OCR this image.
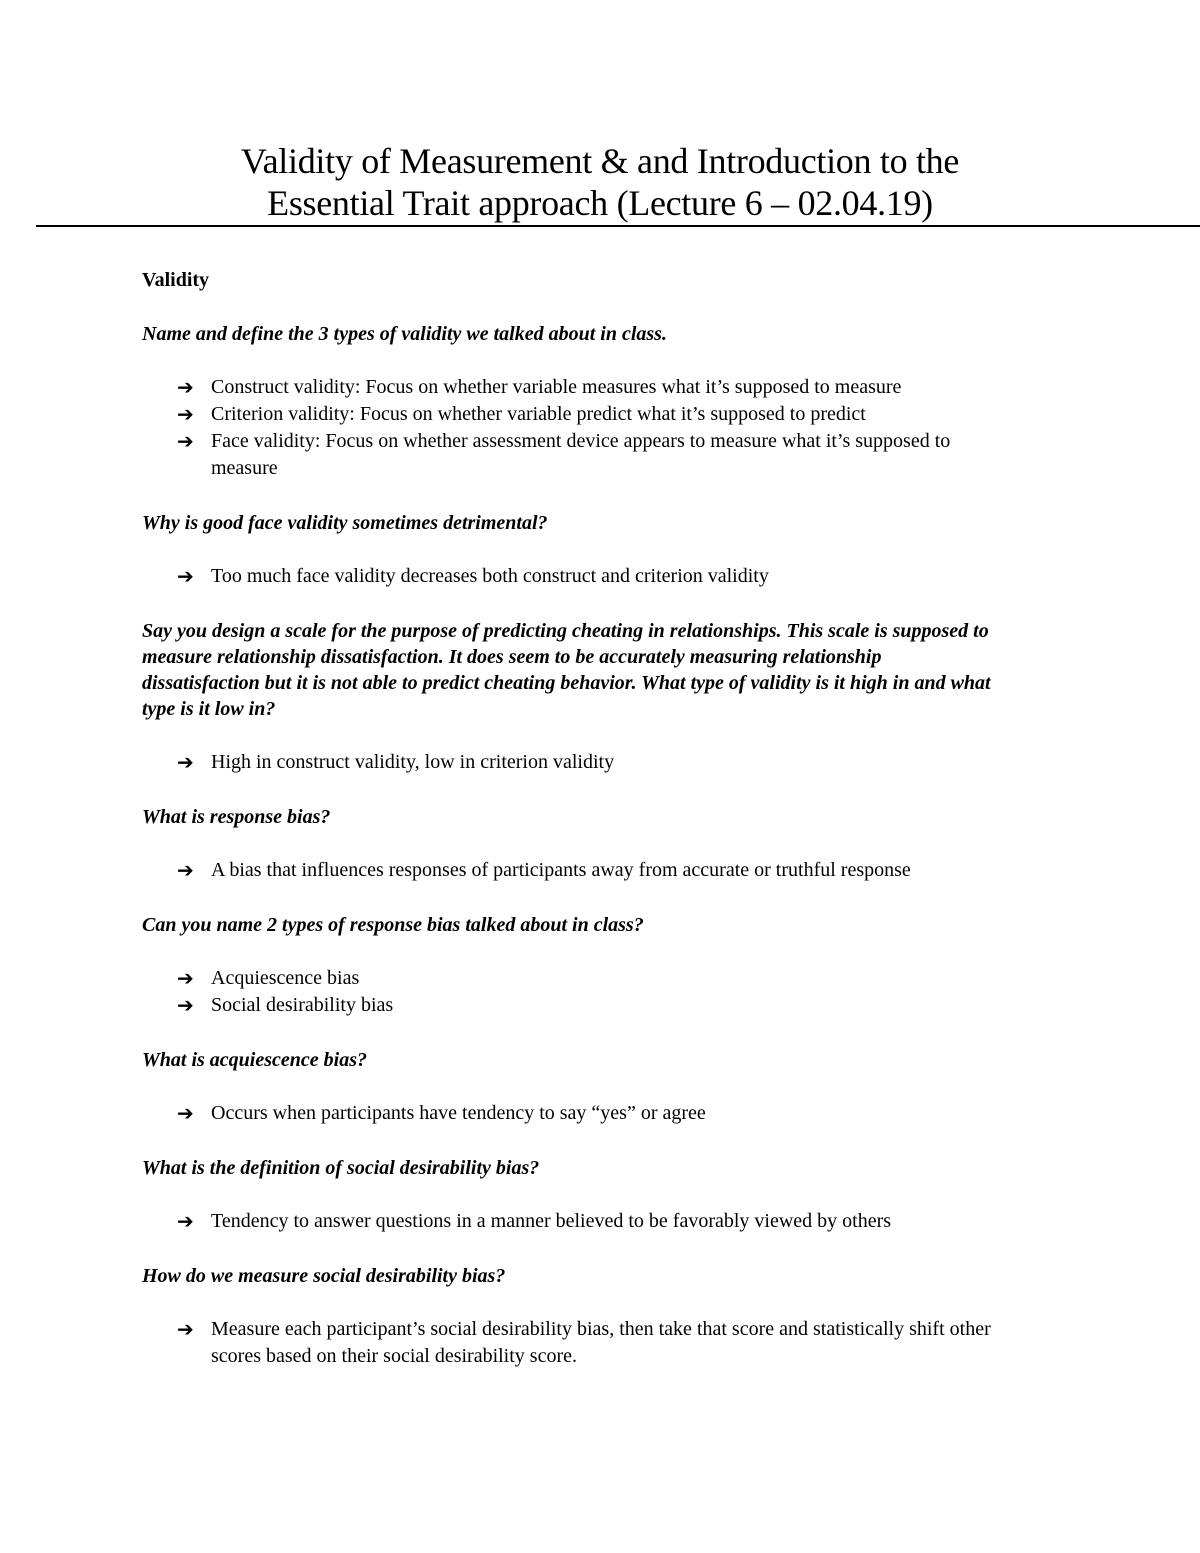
Validity of Measurement & and Introduction to the
Essential Trait approach (Lecture 6 – 02.04.19)
Validity

Name and define the 3 types of validity we talked about in class.

➔ Construct validity: Focus on whether variable measures what it’s supposed to measure
➔ Criterion validity: Focus on whether variable predict what it’s supposed to predict
➔ Face validity: Focus on whether assessment device appears to measure what it’s supposed to measure

Why is good face validity sometimes detrimental?

➔ Too much face validity decreases both construct and criterion validity

Say you design a scale for the purpose of predicting cheating in relationships. This scale is supposed to measure relationship dissatisfaction. It does seem to be accurately measuring relationship dissatisfaction but it is not able to predict cheating behavior. What type of validity is it high in and what type is it low in?

➔ High in construct validity, low in criterion validity

What is response bias?

➔ A bias that influences responses of participants away from accurate or truthful response

Can you name 2 types of response bias talked about in class?

➔ Acquiescence bias
➔ Social desirability bias

What is acquiescence bias?

➔ Occurs when participants have tendency to say “yes” or agree

What is the definition of social desirability bias?

➔ Tendency to answer questions in a manner believed to be favorably viewed by others

How do we measure social desirability bias?

➔ Measure each participant’s social desirability bias, then take that score and statistically shift other scores based on their social desirability score.
